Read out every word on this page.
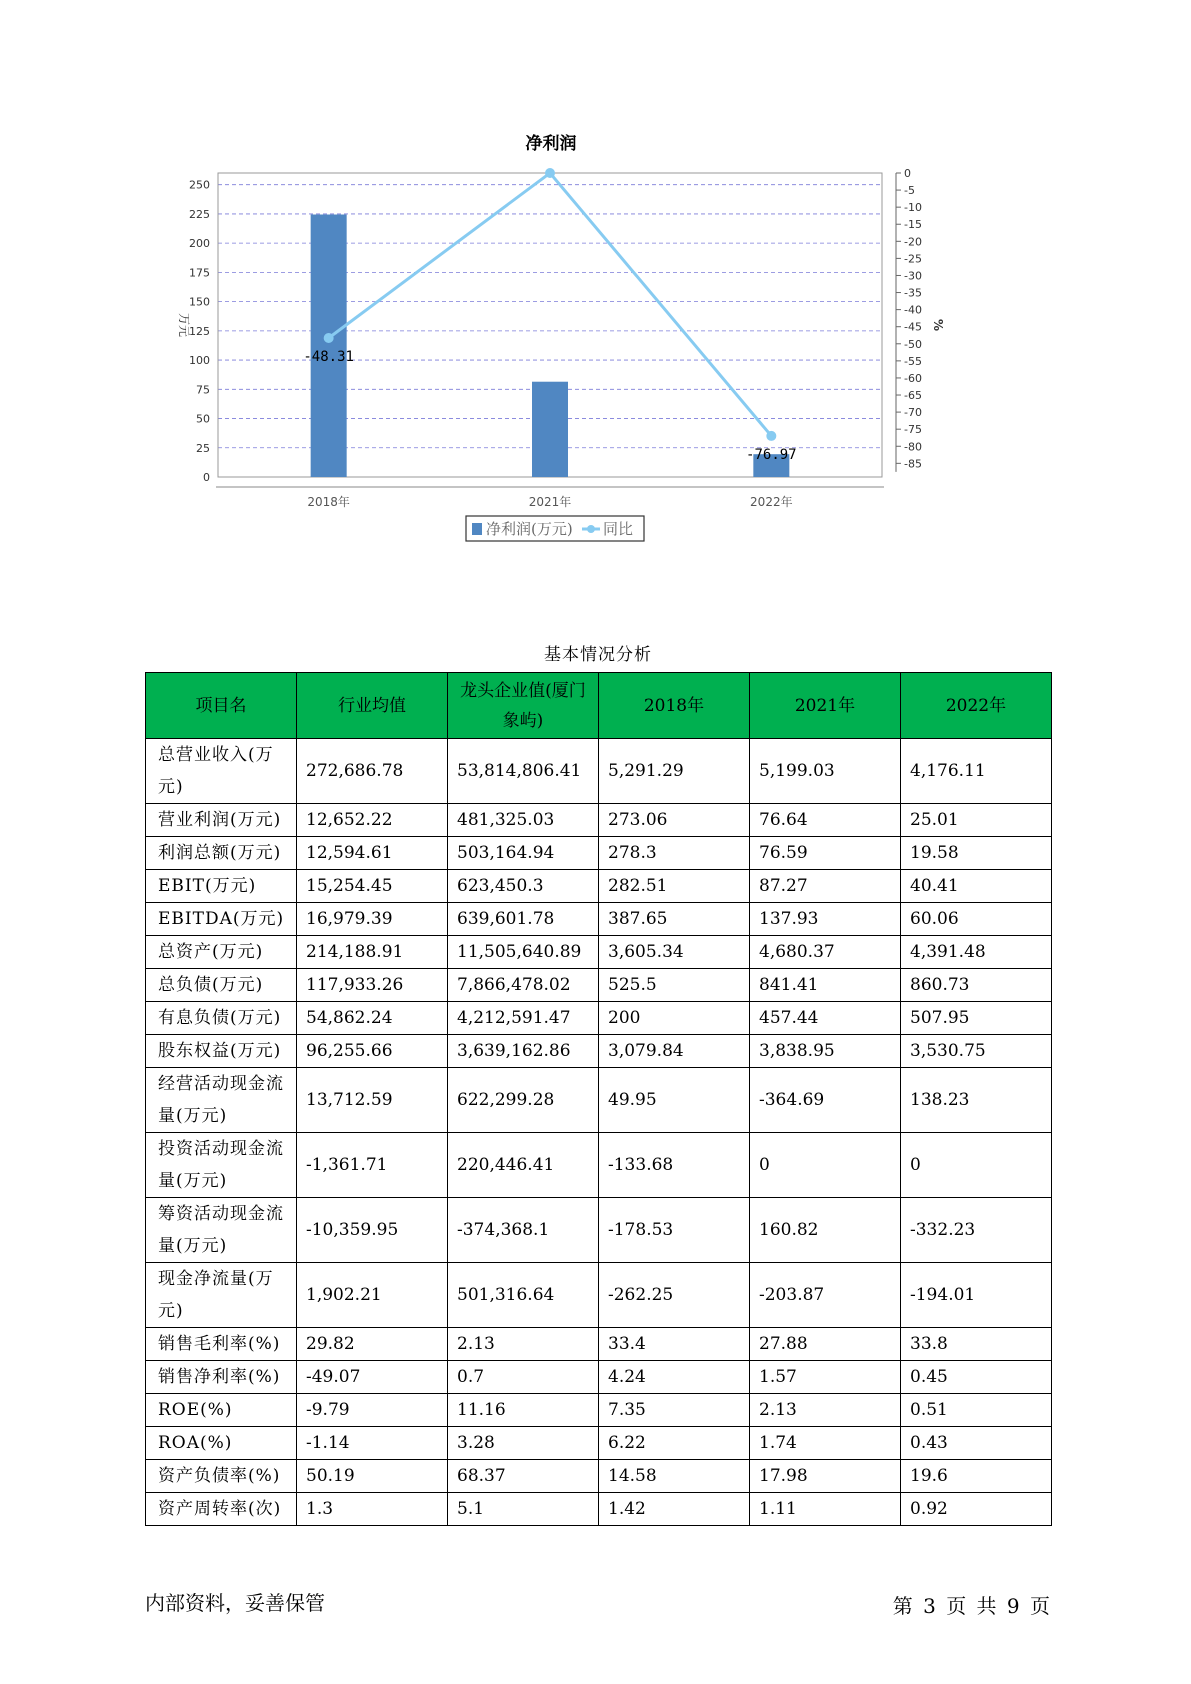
净利润
0
25
50
75
100
125
150
175
200
225
250
0
-5
-10
-15
-20
-25
-30
-35
-40
-45
-50
-55
-60
-65
-70
-75
-80
-85
万元	%
2018年	2021年	2022年
-48.31
-76.97
净利润(万元) 同比
基本情况分析
项目名	行业均值	龙头企业值(厦门象屿)	2018年	2021年	2022年
总营业收入(万元)	272,686.78	53,814,806.41	5,291.29	5,199.03	4,176.11
营业利润(万元)	12,652.22	481,325.03	273.06	76.64	25.01
利润总额(万元)	12,594.61	503,164.94	278.3	76.59	19.58
EBIT(万元)	15,254.45	623,450.3	282.51	87.27	40.41
EBITDA(万元)	16,979.39	639,601.78	387.65	137.93	60.06
总资产(万元)	214,188.91	11,505,640.89	3,605.34	4,680.37	4,391.48
总负债(万元)	117,933.26	7,866,478.02	525.5	841.41	860.73
有息负债(万元)	54,862.24	4,212,591.47	200	457.44	507.95
股东权益(万元)	96,255.66	3,639,162.86	3,079.84	3,838.95	3,530.75
经营活动现金流量(万元)	13,712.59	622,299.28	49.95	-364.69	138.23
投资活动现金流量(万元)	-1,361.71	220,446.41	-133.68	0	0
筹资活动现金流量(万元)	-10,359.95	-374,368.1	-178.53	160.82	-332.23
现金净流量(万元)	1,902.21	501,316.64	-262.25	-203.87	-194.01
销售毛利率(%)	29.82	2.13	33.4	27.88	33.8
销售净利率(%)	-49.07	0.7	4.24	1.57	0.45
ROE(%)	-9.79	11.16	7.35	2.13	0.51
ROA(%)	-1.14	3.28	6.22	1.74	0.43
资产负债率(%)	50.19	68.37	14.58	17.98	19.6
资产周转率(次)	1.3	5.1	1.42	1.11	0.92
内部资料，妥善保管	第 3 页 共 9 页
